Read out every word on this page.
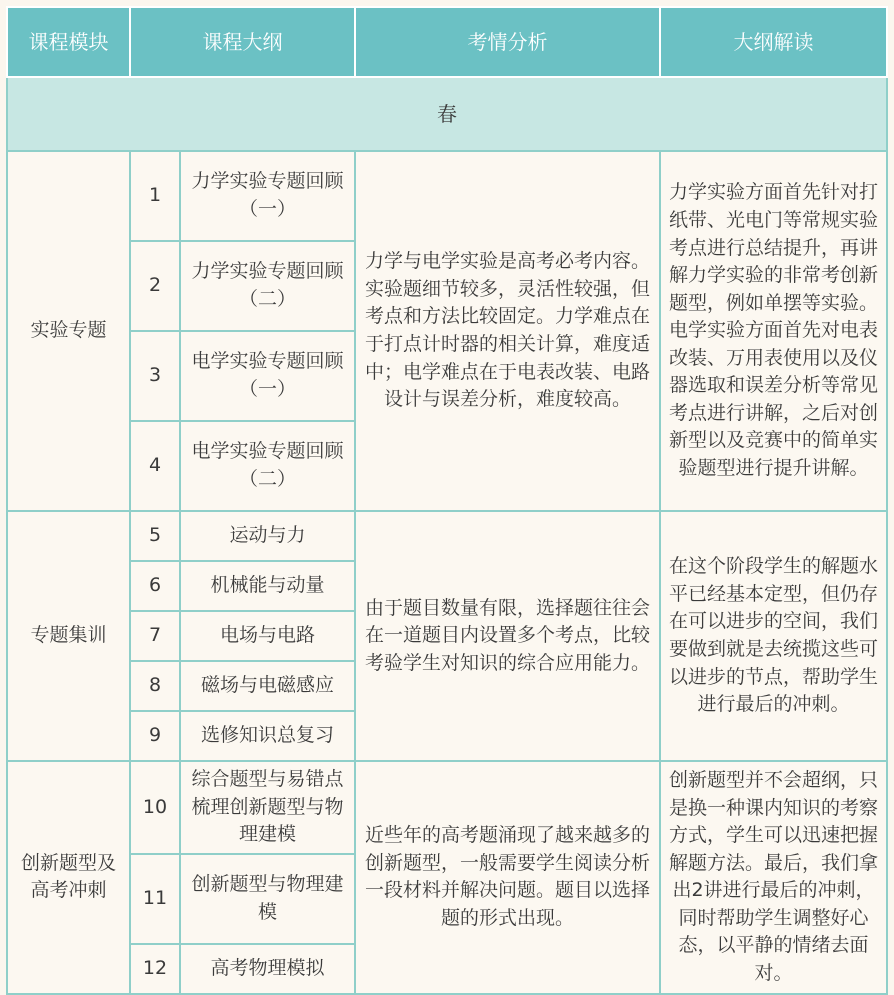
课程模块	课程大纲		考情分析	大纲解读
春				
实验专题	1	力学实验专题回顾（一）	力学与电学实验是高考必考内容。实验题细节较多，灵活性较强，但考点和方法比较固定。力学难点在于打点计时器的相关计算，难度适中；电学难点在于电表改装、电路设计与误差分析，难度较高。	力学实验方面首先针对打纸带、光电门等常规实验考点进行总结提升，再讲解力学实验的非常考创新题型，例如单摆等实验。电学实验方面首先对电表改装、万用表使用以及仪器选取和误差分析等常见考点进行讲解，之后对创新型以及竞赛中的简单实验题型进行提升讲解。
	2	力学实验专题回顾（二）		
	3	电学实验专题回顾（一）		
	4	电学实验专题回顾（二）		
专题集训	5	运动与力	由于题目数量有限，选择题往往会在一道题目内设置多个考点，比较考验学生对知识的综合应用能力。	在这个阶段学生的解题水平已经基本定型，但仍存在可以进步的空间，我们要做到就是去统揽这些可以进步的节点，帮助学生进行最后的冲刺。
	6	机械能与动量		
	7	电场与电路		
	8	磁场与电磁感应		
	9	选修知识总复习		
创新题型及高考冲刺	10	综合题型与易错点梳理创新题型与物理建模	近些年的高考题涌现了越来越多的创新题型，一般需要学生阅读分析一段材料并解决问题。题目以选择题的形式出现。	创新题型并不会超纲，只是换一种课内知识的考察方式，学生可以迅速把握解题方法。最后，我们拿出2讲进行最后的冲刺，同时帮助学生调整好心态，以平静的情绪去面对。
	11	创新题型与物理建模		
	12	高考物理模拟		
